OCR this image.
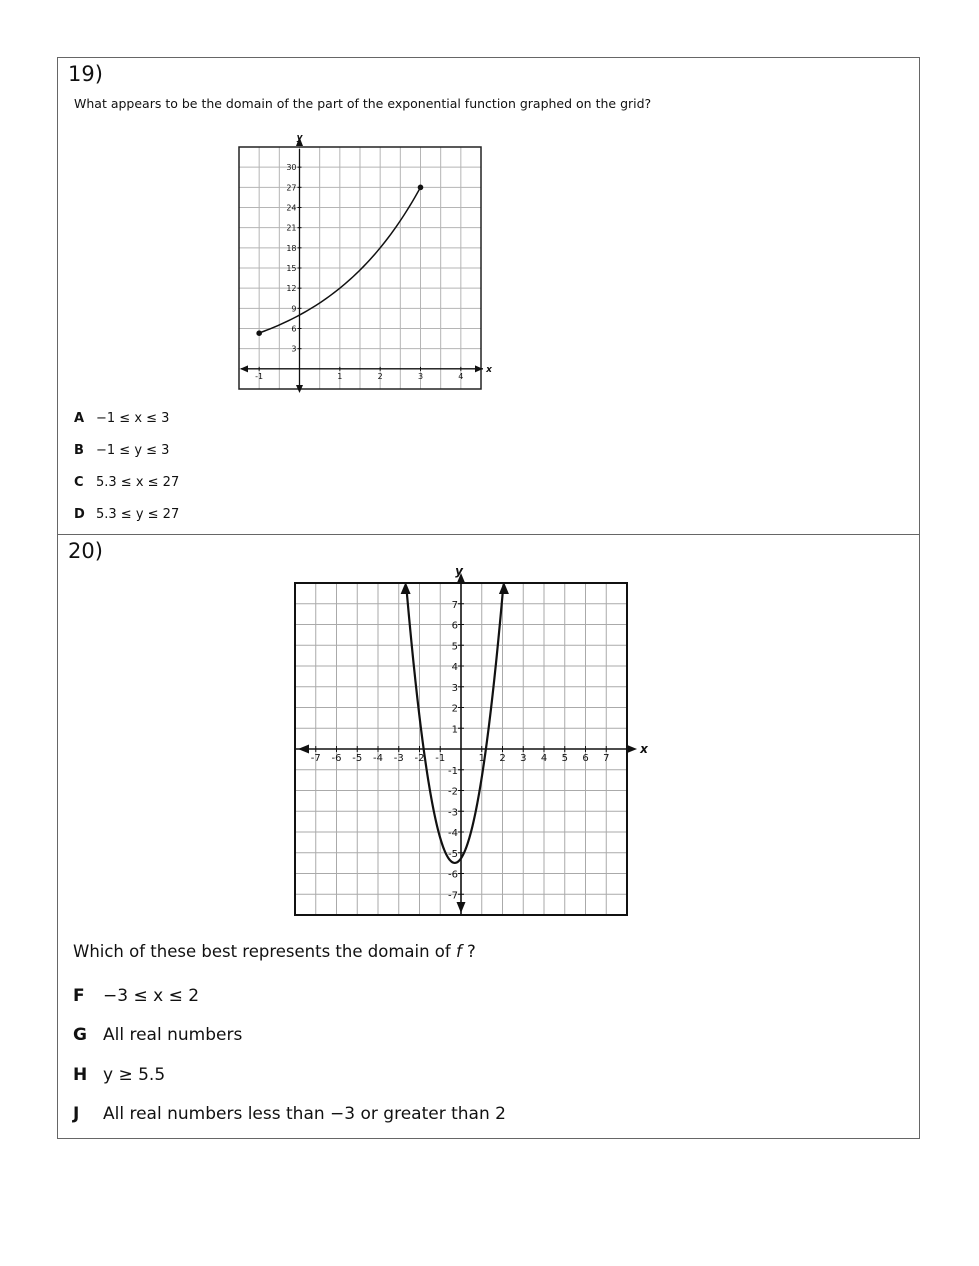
19)
What appears to be the domain of the part of the exponential function graphed on the grid?
x
y
-1	1	2	3	4
3
6
9
12
15
18
21
24
27
30
A −1 ≤ x ≤ 3
B −1 ≤ y ≤ 3
C 5.3 ≤ x ≤ 27
D 5.3 ≤ y ≤ 27
20)
x
y
-7 -6 -5 -4 -3 -2 -1	1 2 3 4 5 6 7
7
6
5
4
3
2
1
-1
-2
-3
-4
-5
-6
-7
Which of these best represents the domain of f ?
F −3 ≤ x ≤ 2
G All real numbers
H y ≥ 5.5
J All real numbers less than −3 or greater than 2
